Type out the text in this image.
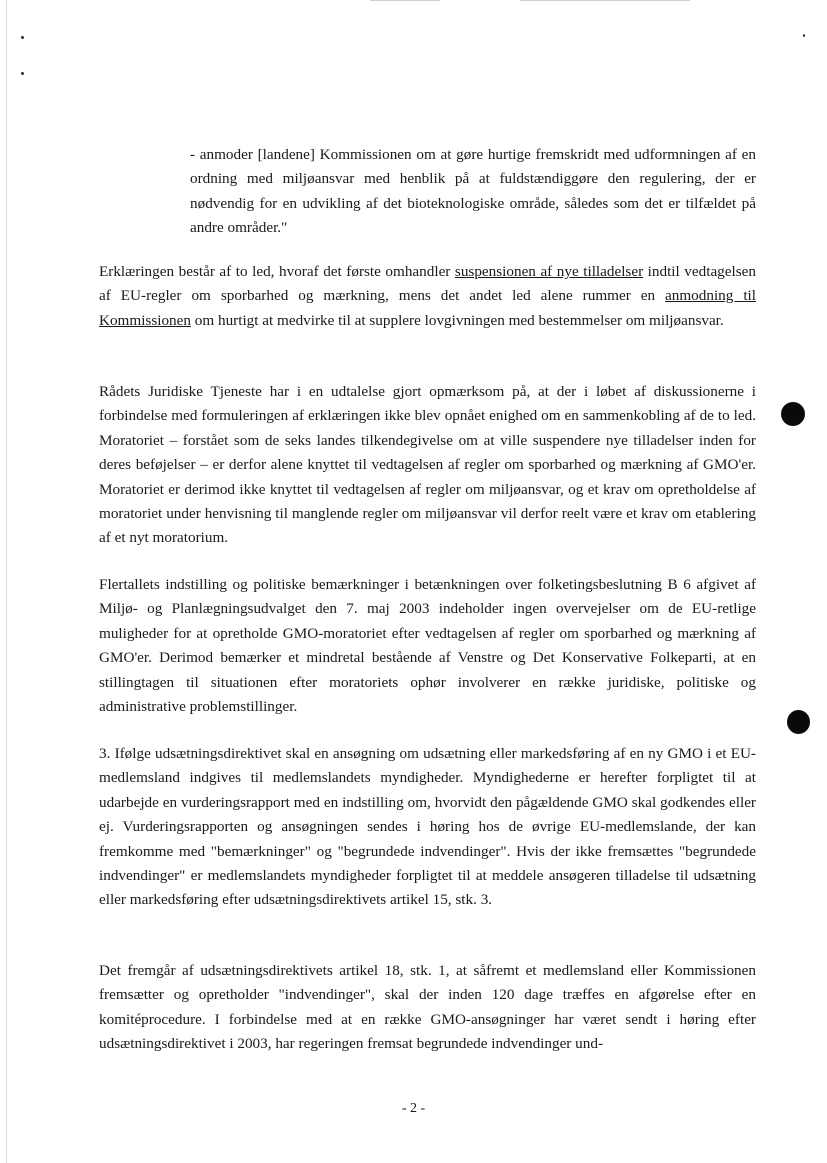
- anmoder [landene] Kommissionen om at gøre hurtige fremskridt med udformningen af en ordning med miljøansvar med henblik på at fuldstændiggøre den regulering, der er nødvendig for en udvikling af det bioteknologiske område, således som det er tilfældet på andre områder."

Erklæringen består af to led, hvoraf det første omhandler suspensionen af nye tilladelser indtil vedtagelsen af EU-regler om sporbarhed og mærkning, mens det andet led alene rummer en anmodning til Kommissionen om hurtigt at medvirke til at supplere lovgivningen med bestemmelser om miljøansvar.

Rådets Juridiske Tjeneste har i en udtalelse gjort opmærksom på, at der i løbet af diskussionerne i forbindelse med formuleringen af erklæringen ikke blev opnået enighed om en sammenkobling af de to led. Moratoriet – forstået som de seks landes tilkendegivelse om at ville suspendere nye tilladelser inden for deres beføjelser – er derfor alene knyttet til vedtagelsen af regler om sporbarhed og mærkning af GMO'er. Moratoriet er derimod ikke knyttet til vedtagelsen af regler om miljøansvar, og et krav om opretholdelse af moratoriet under henvisning til manglende regler om miljøansvar vil derfor reelt være et krav om etablering af et nyt moratorium.

Flertallets indstilling og politiske bemærkninger i betænkningen over folketingsbeslutning B 6 afgivet af Miljø- og Planlægningsudvalget den 7. maj 2003 indeholder ingen overvejelser om de EU-retlige muligheder for at opretholde GMO-moratoriet efter vedtagelsen af regler om sporbarhed og mærkning af GMO'er. Derimod bemærker et mindretal bestående af Venstre og Det Konservative Folkeparti, at en stillingtagen til situationen efter moratoriets ophør involverer en række juridiske, politiske og administrative problemstillinger.

3. Ifølge udsætningsdirektivet skal en ansøgning om udsætning eller markedsføring af en ny GMO i et EU-medlemsland indgives til medlemslandets myndigheder. Myndighederne er herefter forpligtet til at udarbejde en vurderingsrapport med en indstilling om, hvorvidt den pågældende GMO skal godkendes eller ej. Vurderingsrapporten og ansøgningen sendes i høring hos de øvrige EU-medlemslande, der kan fremkomme med "bemærkninger" og "begrundede indvendinger". Hvis der ikke fremsættes "begrundede indvendinger" er medlemslandets myndigheder forpligtet til at meddele ansøgeren tilladelse til udsætning eller markedsføring efter udsætningsdirektivets artikel 15, stk. 3.

Det fremgår af udsætningsdirektivets artikel 18, stk. 1, at såfremt et medlemsland eller Kommissionen fremsætter og opretholder "indvendinger", skal der inden 120 dage træffes en afgørelse efter en komitéprocedure. I forbindelse med at en række GMO-ansøgninger har været sendt i høring efter udsætningsdirektivet i 2003, har regeringen fremsat begrundede indvendinger und-

- 2 -
